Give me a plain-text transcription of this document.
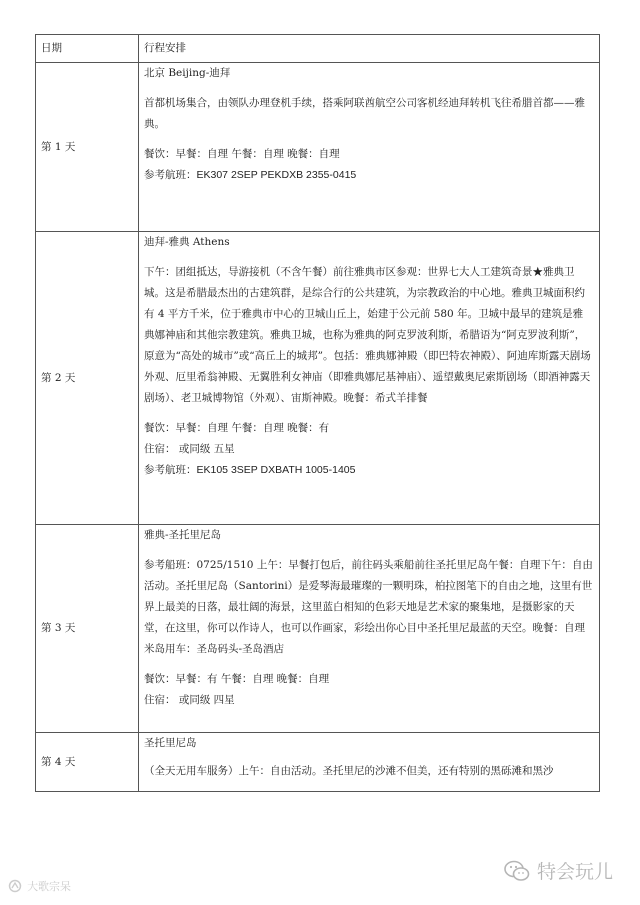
日期	行程安排
第 1 天	北京 Beijing-迪拜
首都机场集合，由领队办理登机手续，搭乘阿联酋航空公司客机经迪拜转机飞往希腊首都——雅典。
餐饮：早餐：自理 午餐：自理 晚餐：自理
参考航班：EK307 2SEP PEKDXB 2355-0415

第 2 天	迪拜-雅典 Athens
下午：团组抵达，导游接机（不含午餐）前往雅典市区参观：世界七大人工建筑奇景★雅典卫城。这是希腊最杰出的古建筑群，是综合行的公共建筑，为宗教政治的中心地。雅典卫城面积约有 4 平方千米，位于雅典市中心的卫城山丘上，始建于公元前 580 年。卫城中最早的建筑是雅典娜神庙和其他宗教建筑。雅典卫城，也称为雅典的阿克罗波利斯，希腊语为“阿克罗波利斯”，原意为“高处的城市”或“高丘上的城邦”。包括：雅典娜神殿（即巴特农神殿）、阿迪库斯露天剧场外观、厄里希翁神殿、无翼胜利女神庙（即雅典娜尼基神庙）、遥望戴奥尼索斯剧场（即酒神露天剧场）、老卫城博物馆（外观）、宙斯神殿。晚餐：希式羊排餐
餐饮：早餐：自理 午餐：自理 晚餐：有
住宿： 或同级 五星
参考航班：EK105 3SEP DXBATH 1005-1405

第 3 天	雅典-圣托里尼岛
参考船班：0725/1510 上午：早餐打包后，前往码头乘船前往圣托里尼岛午餐：自理下午：自由活动。圣托里尼岛（Santorini）是爱琴海最璀璨的一颗明珠，柏拉图笔下的自由之地，这里有世界上最美的日落，最壮阔的海景，这里蓝白相知的色彩天地是艺术家的聚集地，是摄影家的天堂，在这里，你可以作诗人，也可以作画家，彩绘出你心目中圣托里尼最蓝的天空。晚餐：自理米岛用车：圣岛码头-圣岛酒店
餐饮：早餐：有 午餐：自理 晚餐：自理
住宿： 或同级 四星

第 4 天	圣托里尼岛
（全天无用车服务）上午：自由活动。圣托里尼的沙滩不但美，还有特别的黑砾滩和黑沙
大歌宗呆
特会玩儿
